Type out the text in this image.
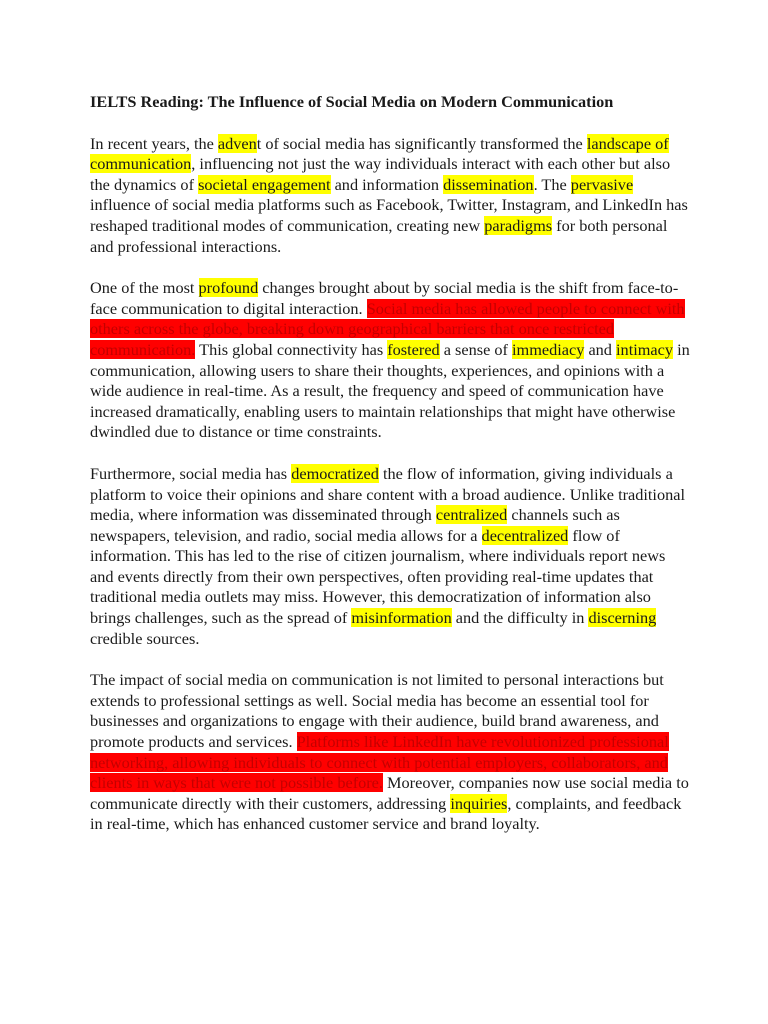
IELTS Reading: The Influence of Social Media on Modern Communication

In recent years, the advent of social media has significantly transformed the landscape of communication, influencing not just the way individuals interact with each other but also the dynamics of societal engagement and information dissemination. The pervasive influence of social media platforms such as Facebook, Twitter, Instagram, and LinkedIn has reshaped traditional modes of communication, creating new paradigms for both personal and professional interactions.

One of the most profound changes brought about by social media is the shift from face-to-face communication to digital interaction. Social media has allowed people to connect with others across the globe, breaking down geographical barriers that once restricted communication. This global connectivity has fostered a sense of immediacy and intimacy in communication, allowing users to share their thoughts, experiences, and opinions with a wide audience in real-time. As a result, the frequency and speed of communication have increased dramatically, enabling users to maintain relationships that might have otherwise dwindled due to distance or time constraints.

Furthermore, social media has democratized the flow of information, giving individuals a platform to voice their opinions and share content with a broad audience. Unlike traditional media, where information was disseminated through centralized channels such as newspapers, television, and radio, social media allows for a decentralized flow of information. This has led to the rise of citizen journalism, where individuals report news and events directly from their own perspectives, often providing real-time updates that traditional media outlets may miss. However, this democratization of information also brings challenges, such as the spread of misinformation and the difficulty in discerning credible sources.

The impact of social media on communication is not limited to personal interactions but extends to professional settings as well. Social media has become an essential tool for businesses and organizations to engage with their audience, build brand awareness, and promote products and services. Platforms like LinkedIn have revolutionized professional networking, allowing individuals to connect with potential employers, collaborators, and clients in ways that were not possible before. Moreover, companies now use social media to communicate directly with their customers, addressing inquiries, complaints, and feedback in real-time, which has enhanced customer service and brand loyalty.
